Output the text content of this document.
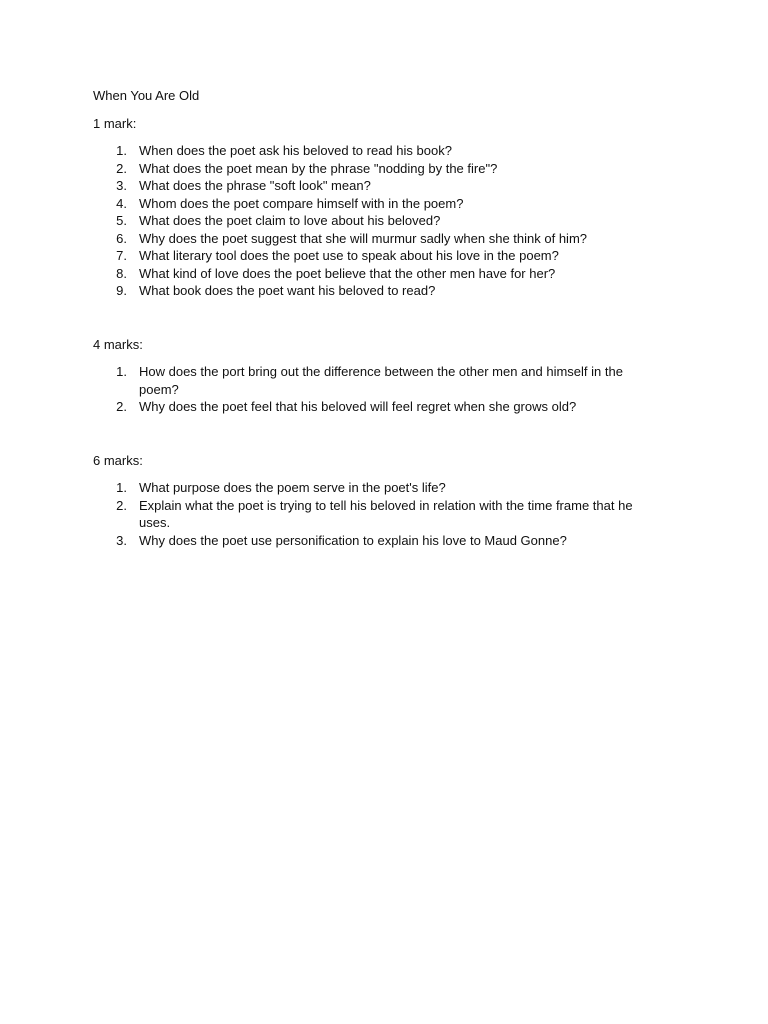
When You Are Old

1 mark:

1. When does the poet ask his beloved to read his book?
2. What does the poet mean by the phrase "nodding by the fire"?
3. What does the phrase "soft look" mean?
4. Whom does the poet compare himself with in the poem?
5. What does the poet claim to love about his beloved?
6. Why does the poet suggest that she will murmur sadly when she think of him?
7. What literary tool does the poet use to speak about his love in the poem?
8. What kind of love does the poet believe that the other men have for her?
9. What book does the poet want his beloved to read?

4 marks:

1. How does the port bring out the difference between the other men and himself in the poem?
2. Why does the poet feel that his beloved will feel regret when she grows old?

6 marks:

1. What purpose does the poem serve in the poet's life?
2. Explain what the poet is trying to tell his beloved in relation with the time frame that he uses.
3. Why does the poet use personification to explain his love to Maud Gonne?
